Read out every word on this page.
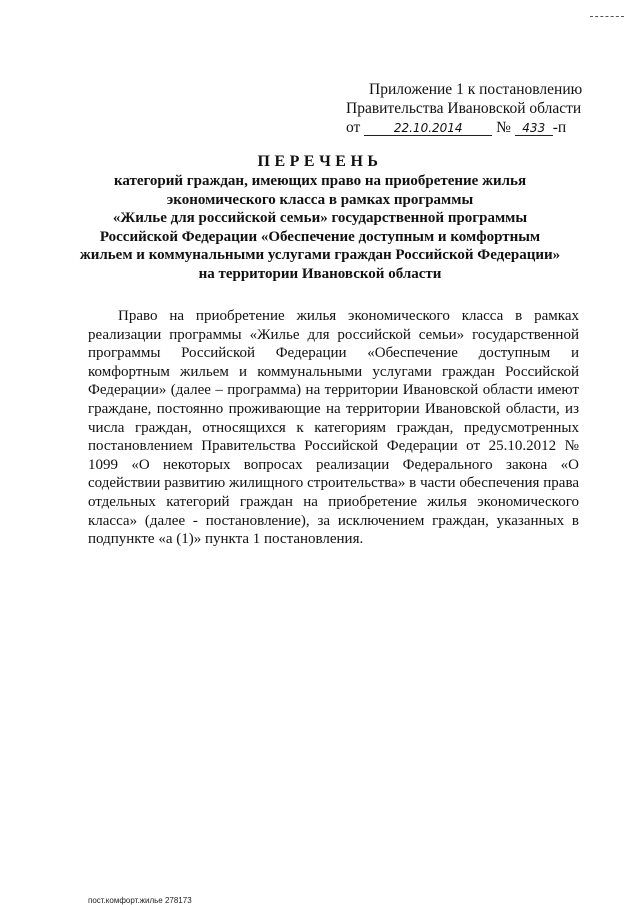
Приложение 1 к постановлению
Правительства Ивановской области
от	22.10.2014 № 433 -п
ПЕРЕЧЕНЬ
категорий граждан, имеющих право на приобретение жилья
экономического класса в рамках программы
«Жилье для российской семьи» государственной программы
Российской Федерации «Обеспечение доступным и комфортным
жильем и коммунальными услугами граждан Российской Федерации»
на территории Ивановской области

Право на приобретение жилья экономического класса в рамках реализации программы «Жилье для российской семьи» государственной программы Российской Федерации «Обеспечение доступным и комфортным жильем и коммунальными услугами граждан Российской Федерации» (далее – программа) на территории Ивановской области имеют граждане, постоянно проживающие на территории Ивановской области, из числа граждан, относящихся к категориям граждан, предусмотренных постановлением Правительства Российской Федерации от 25.10.2012 № 1099 «О некоторых вопросах реализации Федерального закона «О содействии развитию жилищного строительства» в части обеспечения права отдельных категорий граждан на приобретение жилья экономического класса» (далее - постановление), за исключением граждан, указанных в подпункте «а (1)» пункта 1 постановления.

пост.комфорт.жилье 278173
